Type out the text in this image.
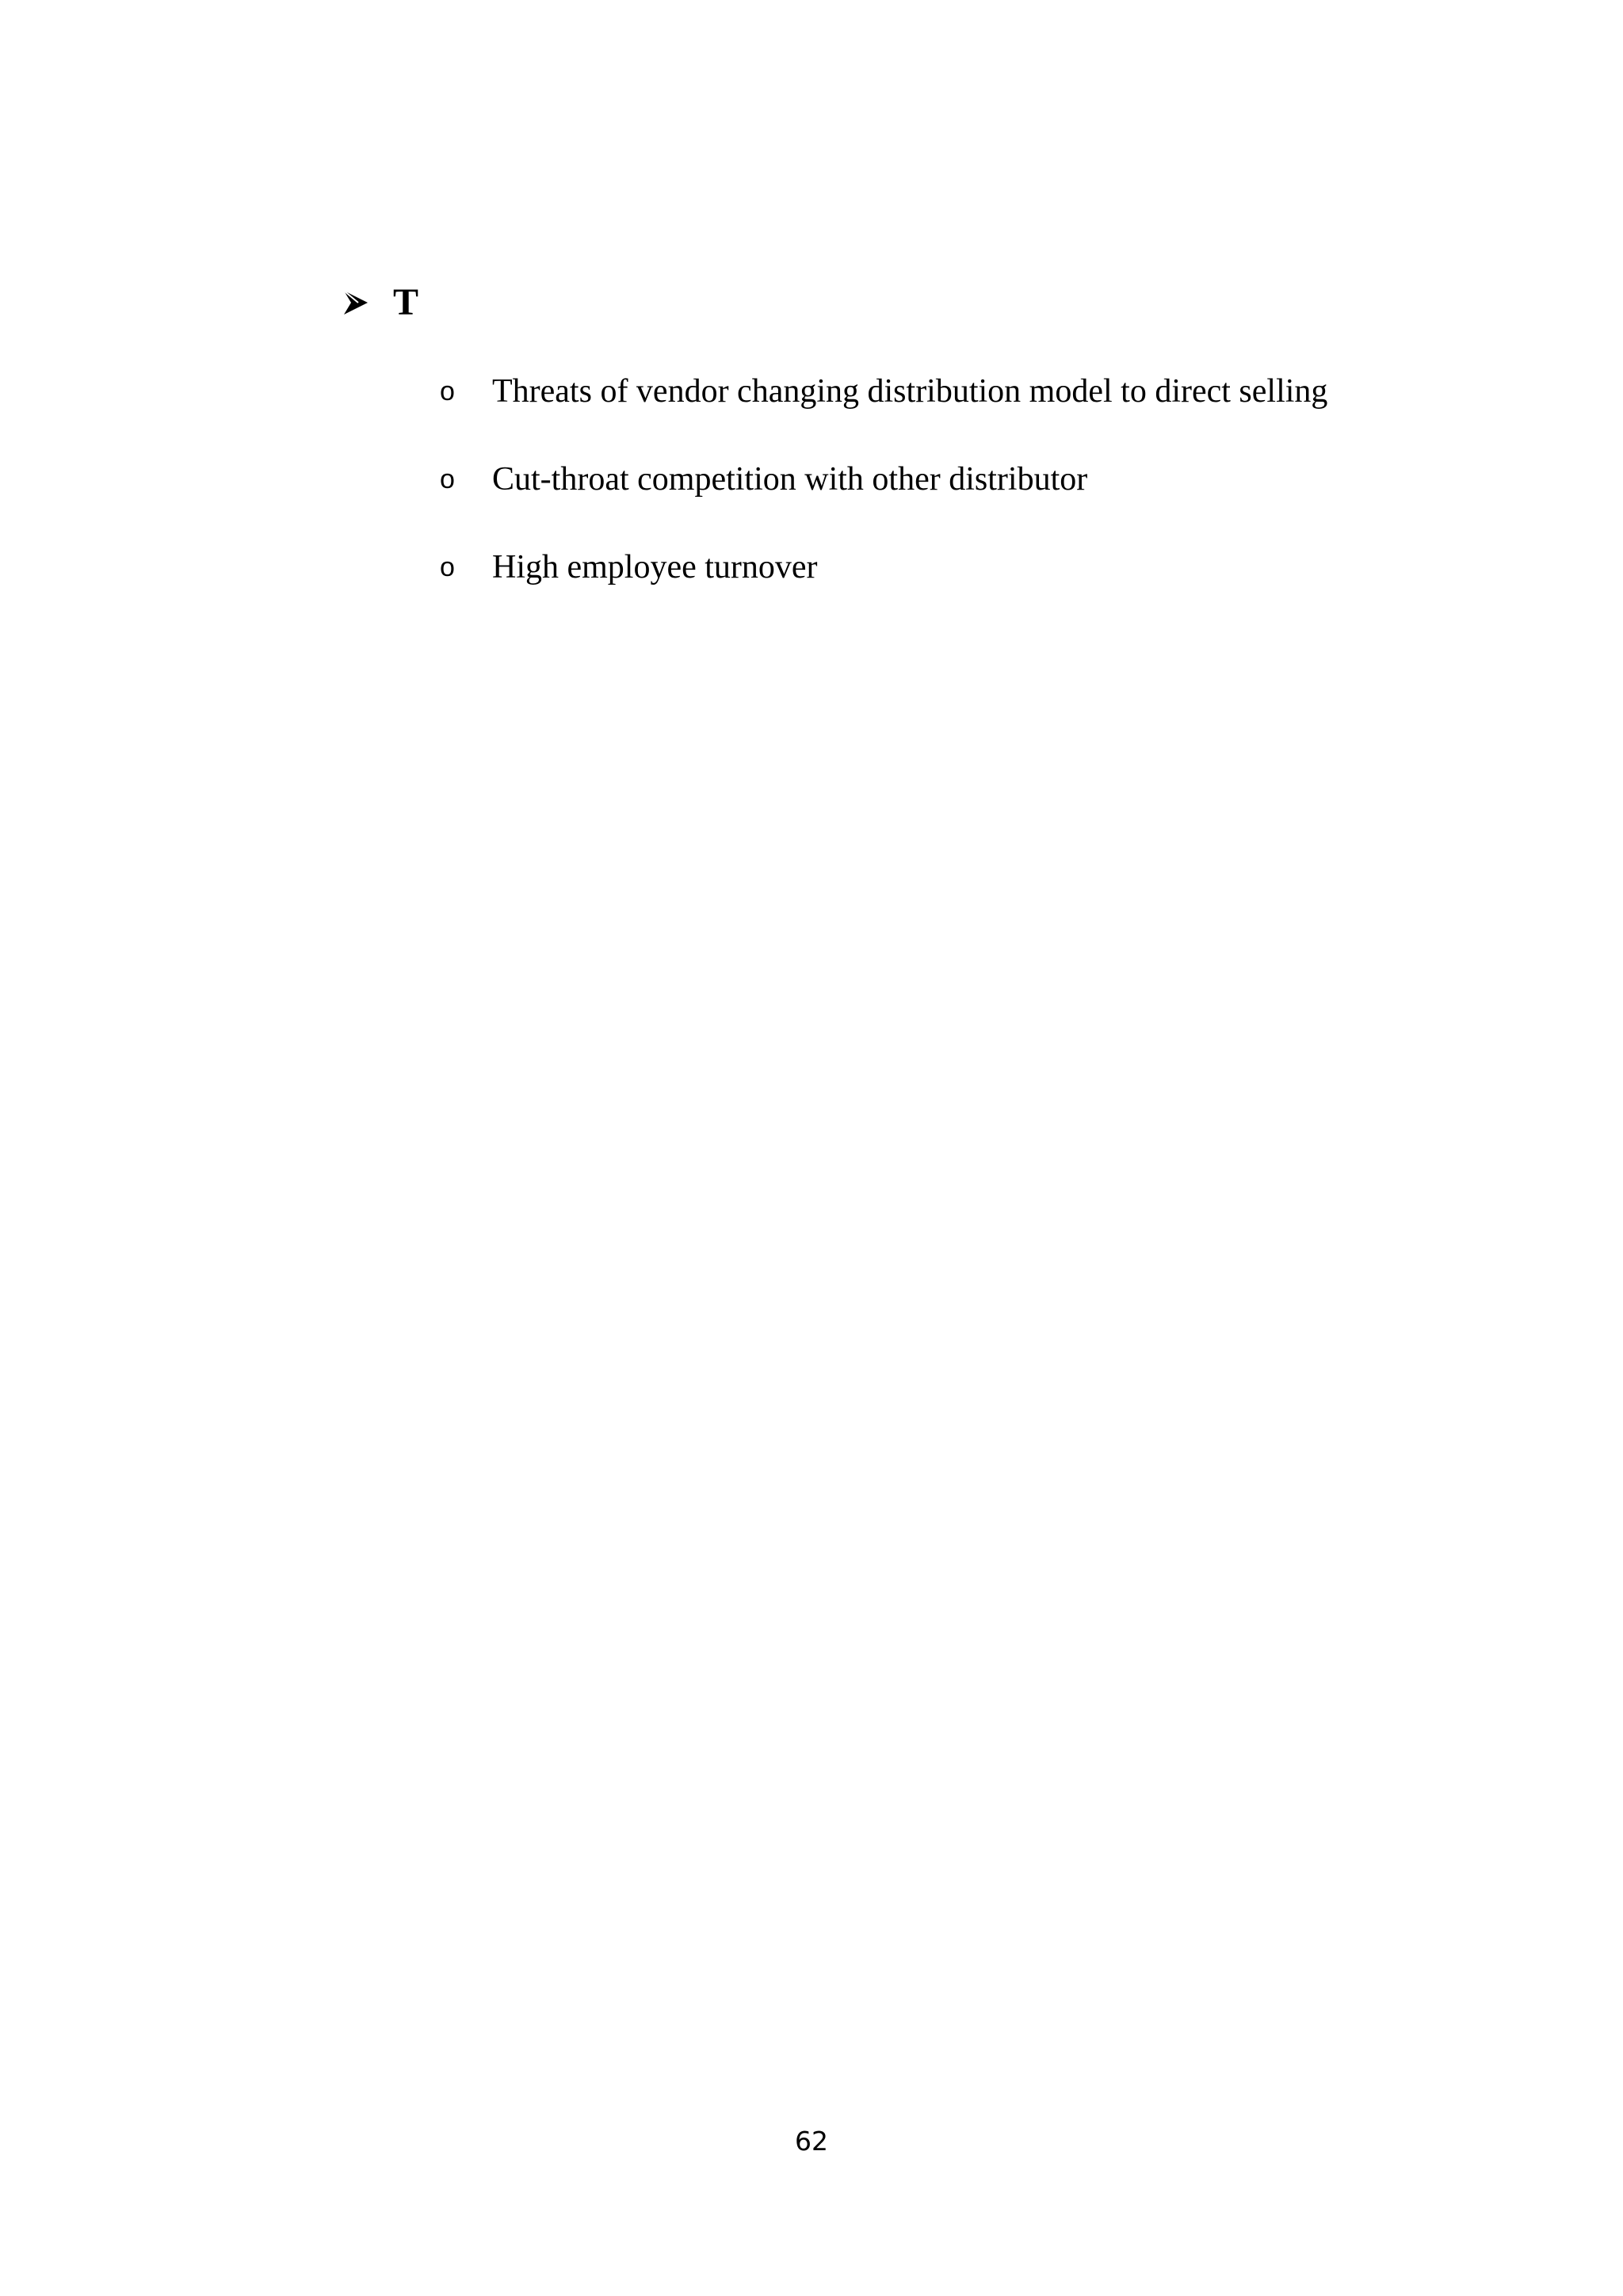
T
o	Threats of vendor changing distribution model to direct selling
o	Cut-throat competition with other distributor
o	High employee turnover
62
